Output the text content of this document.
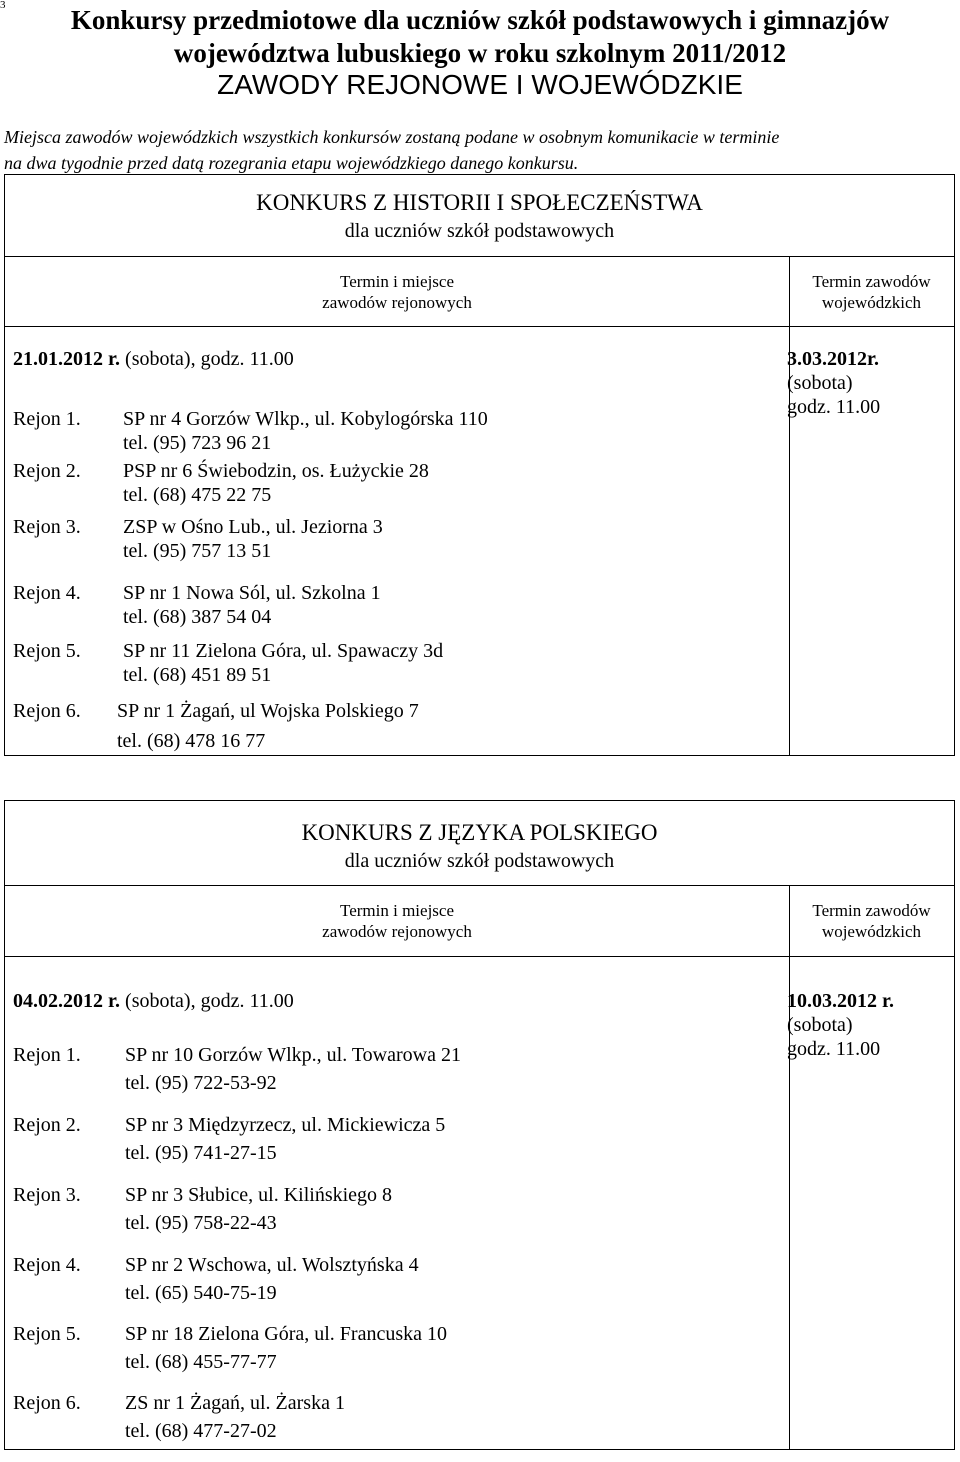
3	Konkursy przedmiotowe dla uczniów szkół podstawowych i gimnazjów
województwa lubuskiego w roku szkolnym 2011/2012
ZAWODY REJONOWE I WOJEWÓDZKIE
Miejsca zawodów wojewódzkich wszystkich konkursów zostaną podane w osobnym komunikacie w terminie
na dwa tygodnie przed datą rozegrania etapu wojewódzkiego danego konkursu.
KONKURS Z HISTORII I SPOŁECZEŃSTWA
dla uczniów szkół podstawowych
Termin i miejsce
zawodów rejonowych
Termin zawodów
wojewódzkich
21.01.2012 r. (sobota), godz. 11.00
Rejon 1. SP nr 4 Gorzów Wlkp., ul. Kobylogórska 110
tel. (95) 723 96 21
Rejon 2. PSP nr 6 Świebodzin, os. Łużyckie 28
tel. (68) 475 22 75
Rejon 3. ZSP w Ośno Lub., ul. Jeziorna 3
tel. (95) 757 13 51
Rejon 4. SP nr 1 Nowa Sól, ul. Szkolna 1
tel. (68) 387 54 04
Rejon 5. SP nr 11 Zielona Góra, ul. Spawaczy 3d
tel. (68) 451 89 51
Rejon 6. SP nr 1 Żagań, ul Wojska Polskiego 7
tel. (68) 478 16 77
3.03.2012r.
(sobota)
godz. 11.00
KONKURS Z JĘZYKA POLSKIEGO
dla uczniów szkół podstawowych
Termin i miejsce
zawodów rejonowych
Termin zawodów
wojewódzkich
04.02.2012 r. (sobota), godz. 11.00
Rejon 1. SP nr 10 Gorzów Wlkp., ul. Towarowa 21
tel. (95) 722-53-92
Rejon 2. SP nr 3 Międzyrzecz, ul. Mickiewicza 5
tel. (95) 741-27-15
Rejon 3. SP nr 3 Słubice, ul. Kilińskiego 8
tel. (95) 758-22-43
Rejon 4. SP nr 2 Wschowa, ul. Wolsztyńska 4
tel. (65) 540-75-19
Rejon 5. SP nr 18 Zielona Góra, ul. Francuska 10
tel. (68) 455-77-77
Rejon 6. ZS nr 1 Żagań, ul. Żarska 1
tel. (68) 477-27-02
10.03.2012 r.
(sobota)
godz. 11.00
